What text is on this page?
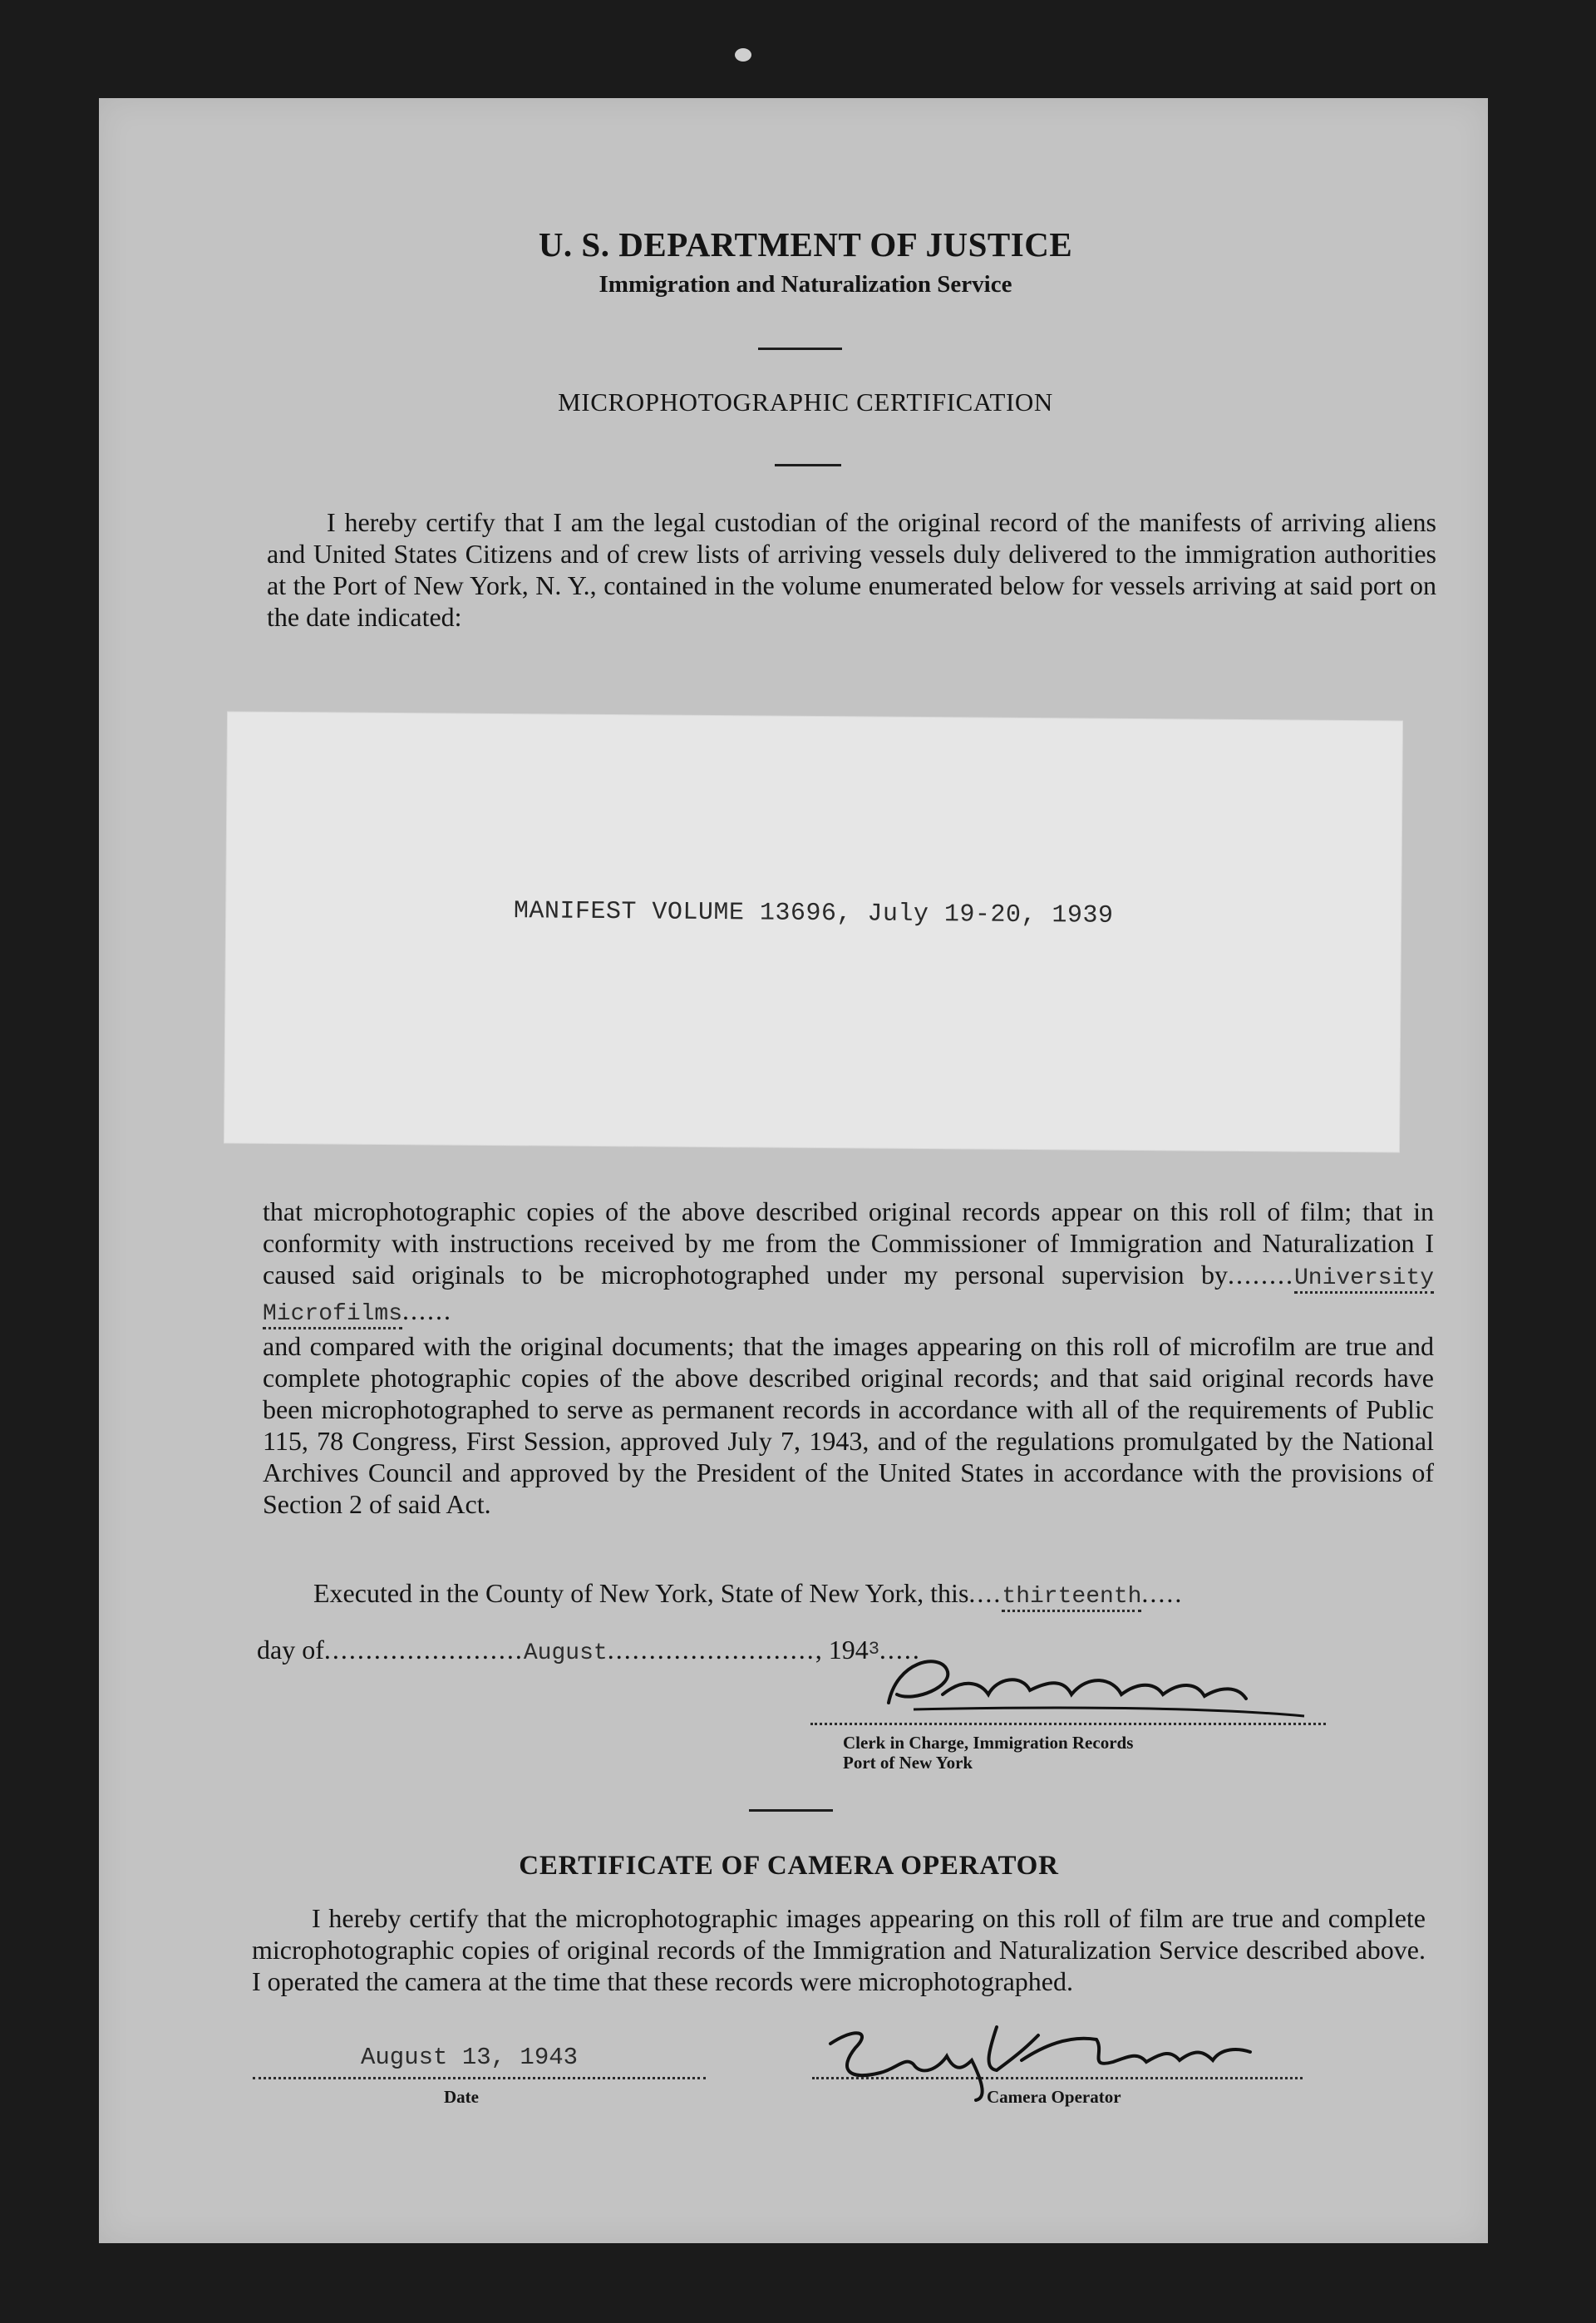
U. S. DEPARTMENT OF JUSTICE
Immigration and Naturalization Service
MICROPHOTOGRAPHIC CERTIFICATION

I hereby certify that I am the legal custodian of the original record of the manifests of arriving aliens and United States Citizens and of crew lists of arriving vessels duly delivered to the immigration authorities at the Port of New York, N. Y., contained in the volume enumerated below for vessels arriving at said port on the date indicated:

MANIFEST VOLUME 13696, July 19-20, 1939

that microphotographic copies of the above described original records appear on this roll of film; that in conformity with instructions received by me from the Commissioner of Immigration and Naturalization I caused said originals to be microphotographed under my personal supervision by........University Microfilms......

and compared with the original documents; that the images appearing on this roll of microfilm are true and complete photographic copies of the above described original records; and that said original records have been microphotographed to serve as permanent records in accordance with all of the requirements of Public 115, 78 Congress, First Session, approved July 7, 1943, and of the regulations promulgated by the National Archives Council and approved by the President of the United States in accordance with the provisions of Section 2 of said Act.

Executed in the County of New York, State of New York, this....thirteenth.....
day of........................August........................., 1943.....
Clerk in Charge, Immigration Records
Port of New York
CERTIFICATE OF CAMERA OPERATOR

I hereby certify that the microphotographic images appearing on this roll of film are true and complete microphotographic copies of original records of the Immigration and Naturalization Service described above. I operated the camera at the time that these records were microphotographed.

August 13, 1943
Date	Camera Operator
